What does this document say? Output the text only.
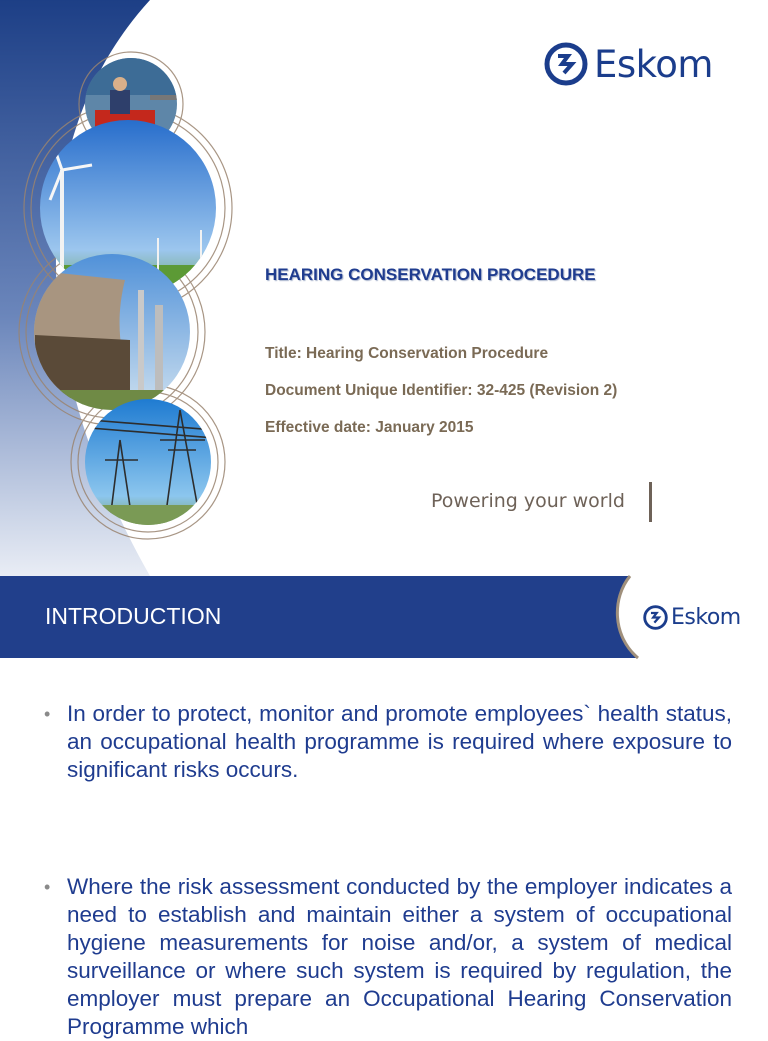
Eskom
HEARING CONSERVATION PROCEDURE
Title: Hearing Conservation Procedure
Document Unique Identifier: 32-425 (Revision 2)
Effective date: January 2015
Powering your world
INTRODUCTION	Eskom
• In order to protect, monitor and promote employees` health status, an occupational health programme is required where exposure to significant risks occurs.
• Where the risk assessment conducted by the employer indicates a need to establish and maintain either a system of occupational hygiene measurements for noise and/or, a system of medical surveillance or where such system is required by regulation, the employer must prepare an Occupational Hearing Conservation Programme which
